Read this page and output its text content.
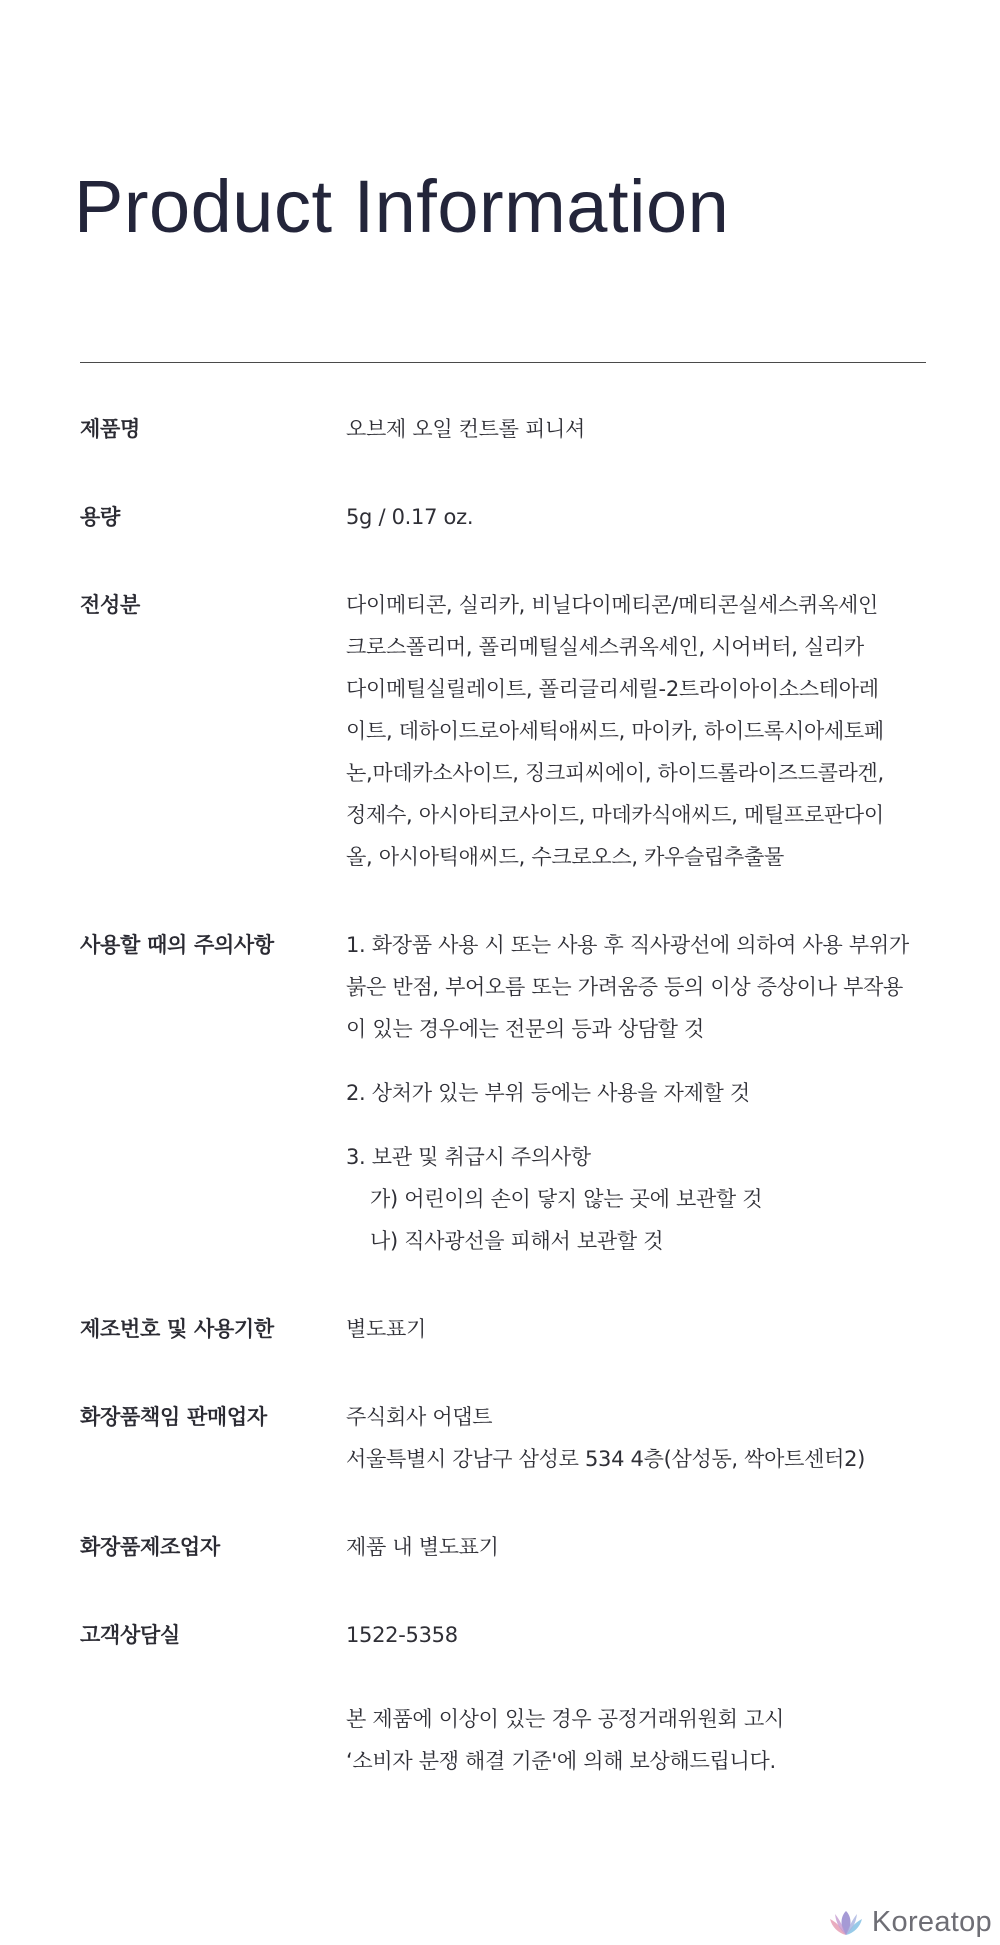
Product Information
제품명	오브제 오일 컨트롤 피니셔
용량	5g / 0.17 oz.
전성분	다이메티콘, 실리카, 비닐다이메티콘/메티콘실세스퀴옥세인
크로스폴리머, 폴리메틸실세스퀴옥세인, 시어버터, 실리카
다이메틸실릴레이트, 폴리글리세릴-2트라이아이소스테아레
이트, 데하이드로아세틱애씨드, 마이카, 하이드록시아세토페
논,마데카소사이드, 징크피씨에이, 하이드롤라이즈드콜라겐,
정제수, 아시아티코사이드, 마데카식애씨드, 메틸프로판다이
올, 아시아틱애씨드, 수크로오스, 카우슬립추출물
사용할 때의 주의사항	1. 화장품 사용 시 또는 사용 후 직사광선에 의하여 사용 부위가
붉은 반점, 부어오름 또는 가려움증 등의 이상 증상이나 부작용
이 있는 경우에는 전문의 등과 상담할 것
2. 상처가 있는 부위 등에는 사용을 자제할 것
3. 보관 및 취급시 주의사항
가) 어린이의 손이 닿지 않는 곳에 보관할 것
나) 직사광선을 피해서 보관할 것
제조번호 및 사용기한	별도표기
화장품책임 판매업자	주식회사 어댑트
서울특별시 강남구 삼성로 534 4층(삼성동, 싹아트센터2)
화장품제조업자	제품 내 별도표기
고객상담실	1522-5358
본 제품에 이상이 있는 경우 공정거래위원회 고시
‘소비자 분쟁 해결 기준'에 의해 보상해드립니다.
Koreatop
